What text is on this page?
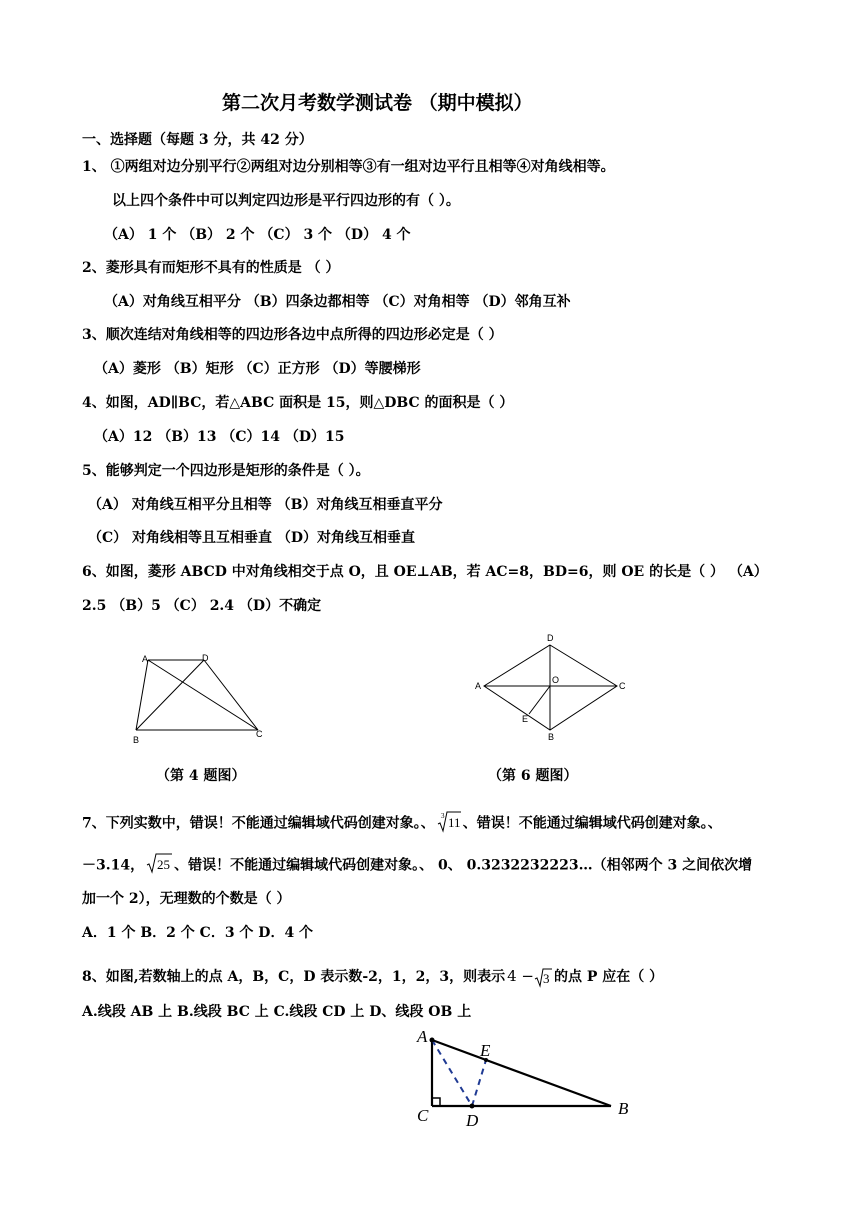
第二次月考数学测试卷 （期中模拟）
一、选择题（每题 3 分，共 42 分）
1、 ①两组对边分别平行②两组对边分别相等③有一组对边平行且相等④对角线相等。
以上四个条件中可以判定四边形是平行四边形的有（ ）。
（A） 1 个 （B） 2 个 （C） 3 个 （D） 4 个
2、菱形具有而矩形不具有的性质是 （ ）
（A）对角线互相平分 （B）四条边都相等 （C）对角相等 （D）邻角互补
3、顺次连结对角线相等的四边形各边中点所得的四边形必定是（ ）
（A）菱形 （B）矩形 （C）正方形 （D）等腰梯形
4、如图，AD∥BC，若△ABC 面积是 15，则△DBC 的面积是（ ）
（A）12 （B）13 （C）14 （D）15
5、能够判定一个四边形是矩形的条件是（ ）。
（A） 对角线互相平分且相等 （B）对角线互相垂直平分
（C） 对角线相等且互相垂直 （D）对角线互相垂直
6、如图，菱形 ABCD 中对角线相交于点 O，且 OE⊥AB，若 AC=8，BD=6，则 OE 的长是（ ） （A）
2.5 （B）5 （C） 2.4 （D）不确定
A	D
B
C
（第 4 题图）
D
A	C
O
E
B
（第 6 题图）
7、下列实数中，错误！不能通过编辑域代码创建对象。、 3 11 、错误！不能通过编辑域代码创建对象。、
－3.14， 25 、错误！不能通过编辑域代码创建对象。、 0、 0.3232232223…（相邻两个 3 之间依次增
加一个 2），无理数的个数是（ ）
A．1 个 B．2 个 C．3 个 D．4 个
8、如图,若数轴上的点 A，B，C，D 表示数-2，1，2，3，则表示 4 − 3 的点 P 应在（ ）
A.线段 AB 上 B.线段 BC 上 C.线段 CD 上 D、线段 OB 上
A
E
C D
B
